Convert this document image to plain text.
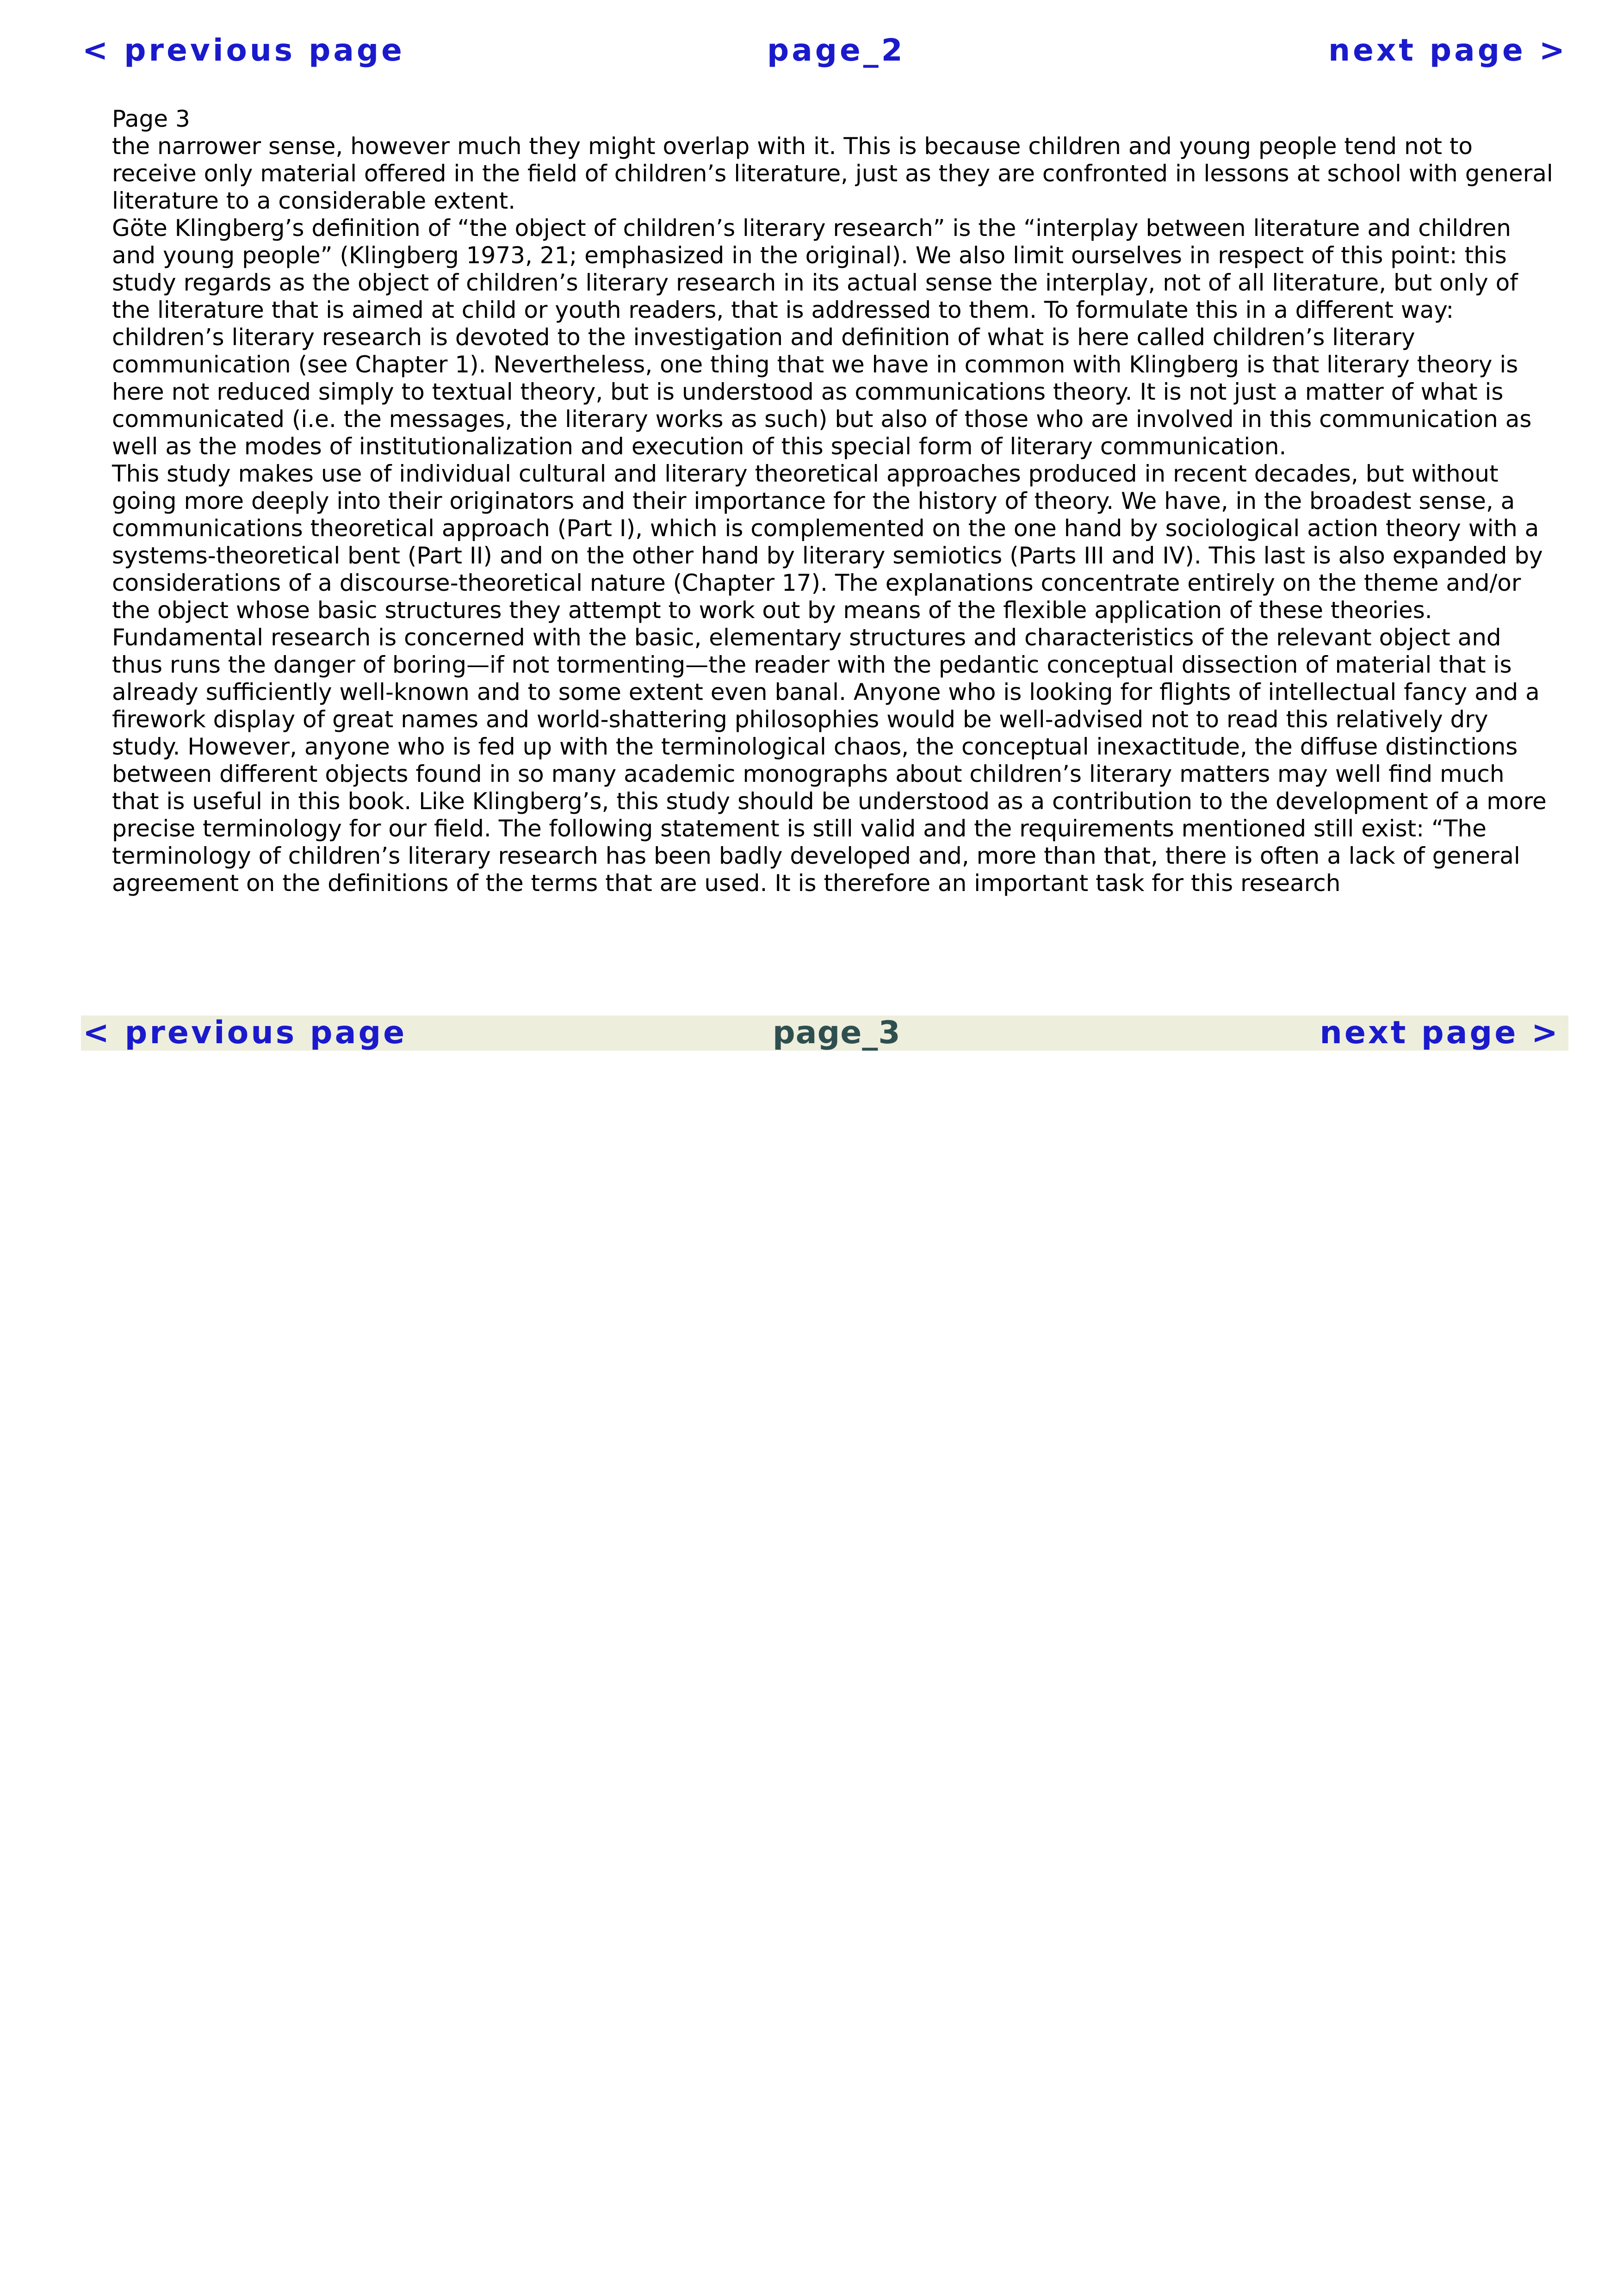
< previous page	page_2	next page >

Page 3

the narrower sense, however much they might overlap with it. This is because children and young people tend not to receive only material offered in the field of children’s literature, just as they are confronted in lessons at school with general literature to a considerable extent.

Göte Klingberg’s definition of “the object of children’s literary research” is the “interplay between literature and children and young people” (Klingberg 1973, 21; emphasized in the original). We also limit ourselves in respect of this point: this study regards as the object of children’s literary research in its actual sense the interplay, not of all literature, but only of the literature that is aimed at child or youth readers, that is addressed to them. To formulate this in a different way: children’s literary research is devoted to the investigation and definition of what is here called children’s literary communication (see Chapter 1). Nevertheless, one thing that we have in common with Klingberg is that literary theory is here not reduced simply to textual theory, but is understood as communications theory. It is not just a matter of what is communicated (i.e. the messages, the literary works as such) but also of those who are involved in this communication as well as the modes of institutionalization and execution of this special form of literary communication.

This study makes use of individual cultural and literary theoretical approaches produced in recent decades, but without going more deeply into their originators and their importance for the history of theory. We have, in the broadest sense, a communications theoretical approach (Part I), which is complemented on the one hand by sociological action theory with a systems-theoretical bent (Part II) and on the other hand by literary semiotics (Parts III and IV). This last is also expanded by considerations of a discourse-theoretical nature (Chapter 17). The explanations concentrate entirely on the theme and/or the object whose basic structures they attempt to work out by means of the flexible application of these theories.

Fundamental research is concerned with the basic, elementary structures and characteristics of the relevant object and thus runs the danger of boring—if not tormenting—the reader with the pedantic conceptual dissection of material that is already sufficiently well-known and to some extent even banal. Anyone who is looking for flights of intellectual fancy and a firework display of great names and world-shattering philosophies would be well-advised not to read this relatively dry study. However, anyone who is fed up with the terminological chaos, the conceptual inexactitude, the diffuse distinctions between different objects found in so many academic monographs about children’s literary matters may well find much that is useful in this book. Like Klingberg’s, this study should be understood as a contribution to the development of a more precise terminology for our field. The following statement is still valid and the requirements mentioned still exist: “The terminology of children’s literary research has been badly developed and, more than that, there is often a lack of general agreement on the definitions of the terms that are used. It is therefore an important task for this research

< previous page	page_3	next page >
